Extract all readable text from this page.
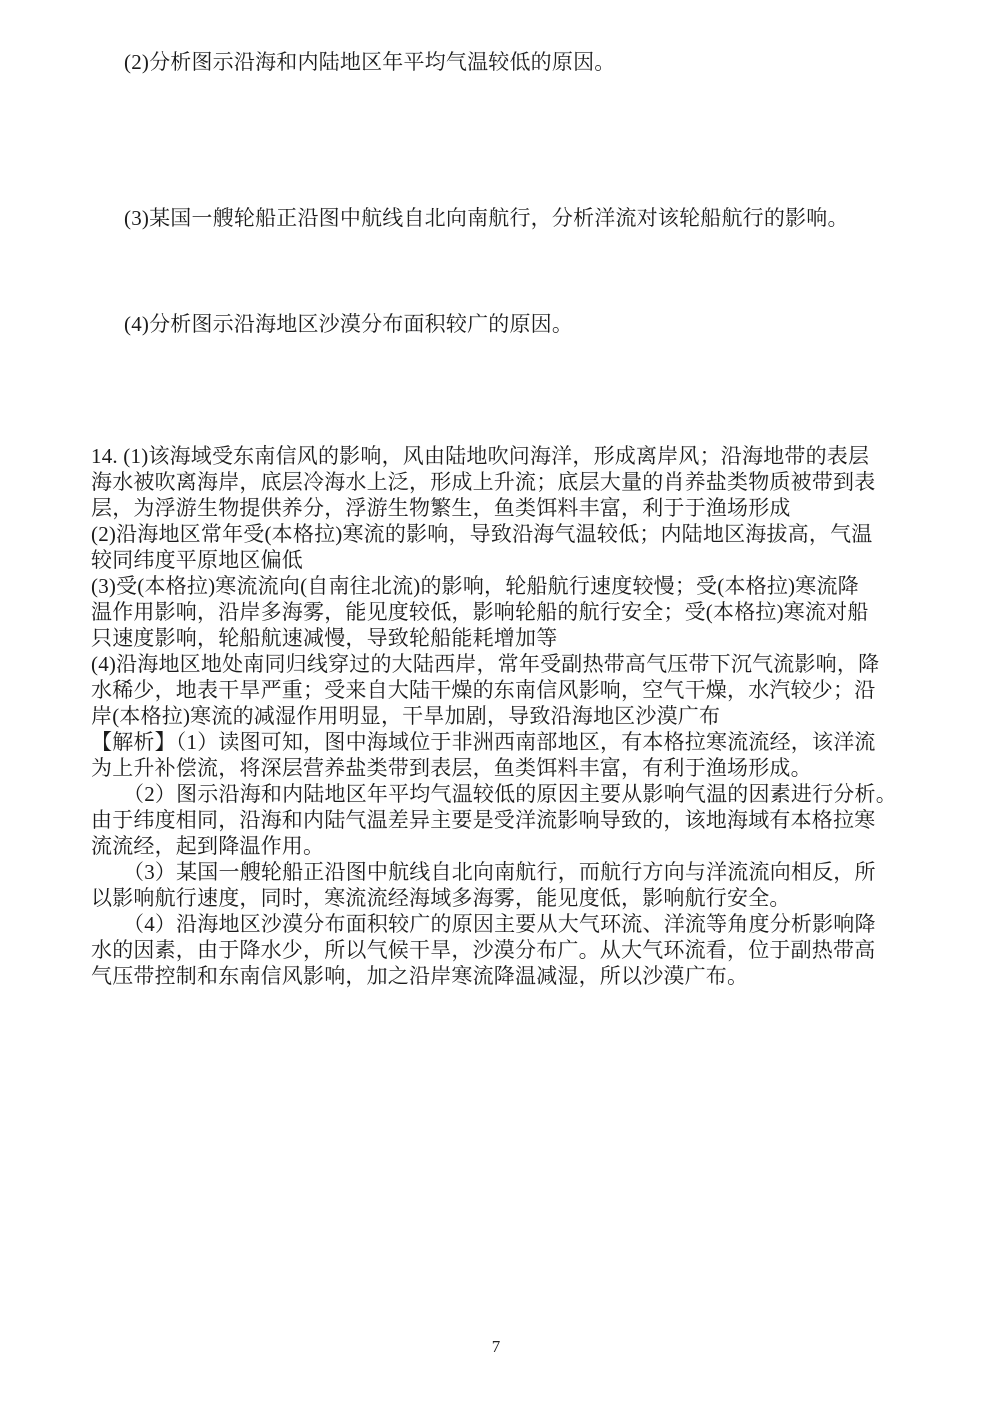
(2)分析图示沿海和内陆地区年平均气温较低的原因。
(3)某国一艘轮船正沿图中航线自北向南航行，分析洋流对该轮船航行的影响。
(4)分析图示沿海地区沙漠分布面积较广的原因。
14. (1)该海域受东南信风的影响，风由陆地吹问海洋，形成离岸风；沿海地带的表层
海水被吹离海岸，底层冷海水上泛，形成上升流；底层大量的肖养盐类物质被带到表
层，为浮游生物提供养分，浮游生物繁生，鱼类饵料丰富，利于于渔场形成
(2)沿海地区常年受(本格拉)寒流的影响，导致沿海气温较低；内陆地区海拔高，气温
较同纬度平原地区偏低
(3)受(本格拉)寒流流向(自南往北流)的影响，轮船航行速度较慢；受(本格拉)寒流降
温作用影响，沿岸多海雾，能见度较低，影响轮船的航行安全；受(本格拉)寒流对船
只速度影响，轮船航速减慢，导致轮船能耗增加等
(4)沿海地区地处南同归线穿过的大陆西岸，常年受副热带高气压带下沉气流影响，降
水稀少，地表干旱严重；受来自大陆干燥的东南信风影响，空气干燥，水汽较少；沿
岸(本格拉)寒流的减湿作用明显，干旱加剧，导致沿海地区沙漠广布
【解析】（1）读图可知，图中海域位于非洲西南部地区，有本格拉寒流流经，该洋流
为上升补偿流，将深层营养盐类带到表层，鱼类饵料丰富，有利于渔场形成。
（2）图示沿海和内陆地区年平均气温较低的原因主要从影响气温的因素进行分析。
由于纬度相同，沿海和内陆气温差异主要是受洋流影响导致的，该地海域有本格拉寒
流流经，起到降温作用。
（3）某国一艘轮船正沿图中航线自北向南航行，而航行方向与洋流流向相反，所
以影响航行速度，同时，寒流流经海域多海雾，能见度低，影响航行安全。
（4）沿海地区沙漠分布面积较广的原因主要从大气环流、洋流等角度分析影响降
水的因素，由于降水少，所以气候干旱，沙漠分布广。从大气环流看，位于副热带高
气压带控制和东南信风影响，加之沿岸寒流降温减湿，所以沙漠广布。
7
